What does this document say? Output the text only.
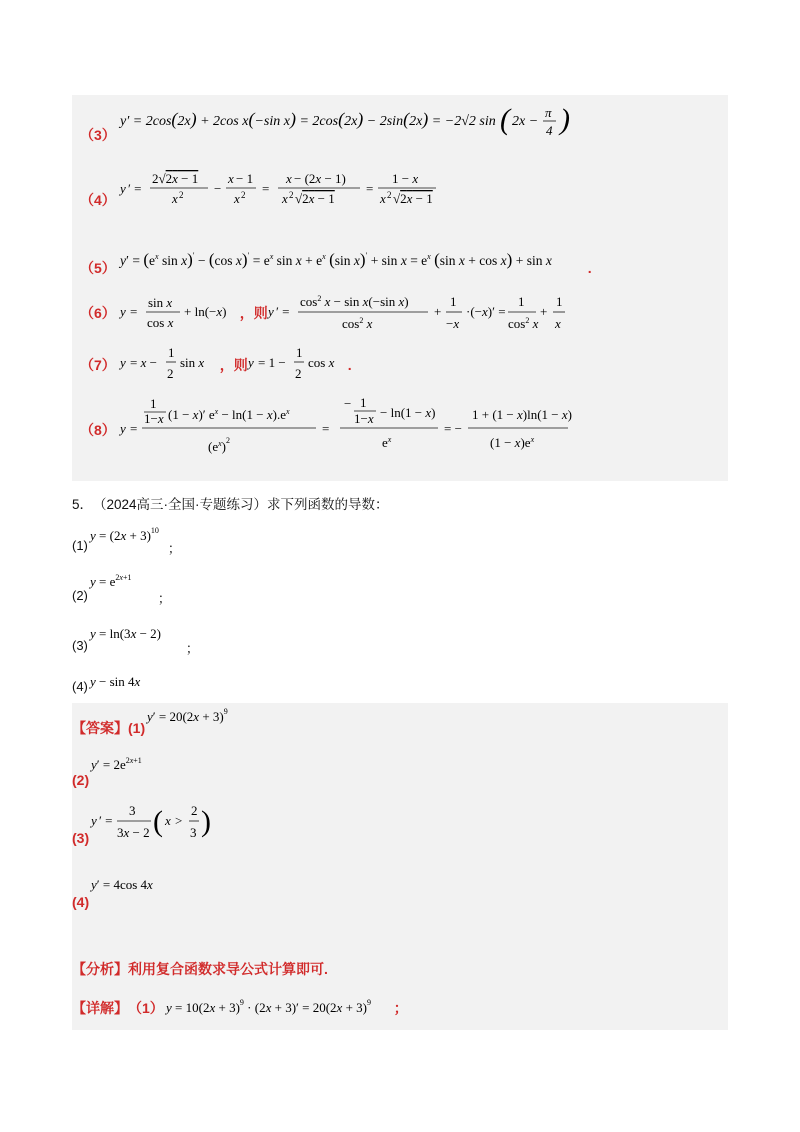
（3）
y′ = 2cos(2x) + 2cos x(−sin x) = 2cos(2x) − 2sin(2x) = −2√2 sin ( 2x −
π
4 )
（4）
y ′ =
2√2x − 1
x 2 −
x − 1
x 2 =
x − (2x − 1)
x 2 √2x − 1
=
1 − x
x 2 √2x − 1
（5） $y' = (e^x$ sin x)′ − (cos $x)' = e^x$ $\sin x + e^x$ (sin $x)' + \sin x = e^x$ (sin x + cos x) + sin x	.
（6） y =
sin x
cos x
+ ln(−x) ，则 y ′ =
$\cos^2 x - \sin x(-\sin$ x)
$\cos^2 x$
+
1
−x
·(−x)′ =
1
$\cos^2 x$
+
1
x
（7） y = x −
1
2
sin x ，则 y = 1 −
1
2
cos x .
（8） y =
1
1−x (1 − x)′ $e^x - \ln(1 - x).e^x$
$(e^x)^2$
=
− 1
1−x − ln(1 − x)
$e^x$
= −
1 + (1 − x)ln(1 − x)
$(1 - x)e^x$
5． （2024高三·全国·专题练习） 求下列函数的导数：
(1)
$y = (2x + 3)^{10}$
；
(2)
$y = e^{2x+1}$
；
(3)
y = ln(3x − 2)
；
(4) y − sin 4x
【答案】 (1)
$y' = 20(2x + 3)^9$
(2)
$y' = 2e^{2x+1}$
(3)
y ′ =
3
3x − 2 ( x >
2
3 )
(4)
y′ = 4cos 4x
【分析】 利用复合函数求导公式计算即可.
【详解】 （1） $y = 10(2x + 3)^9 \cdot (2x + 3)' = 20(2x + 3)^9$ ；
